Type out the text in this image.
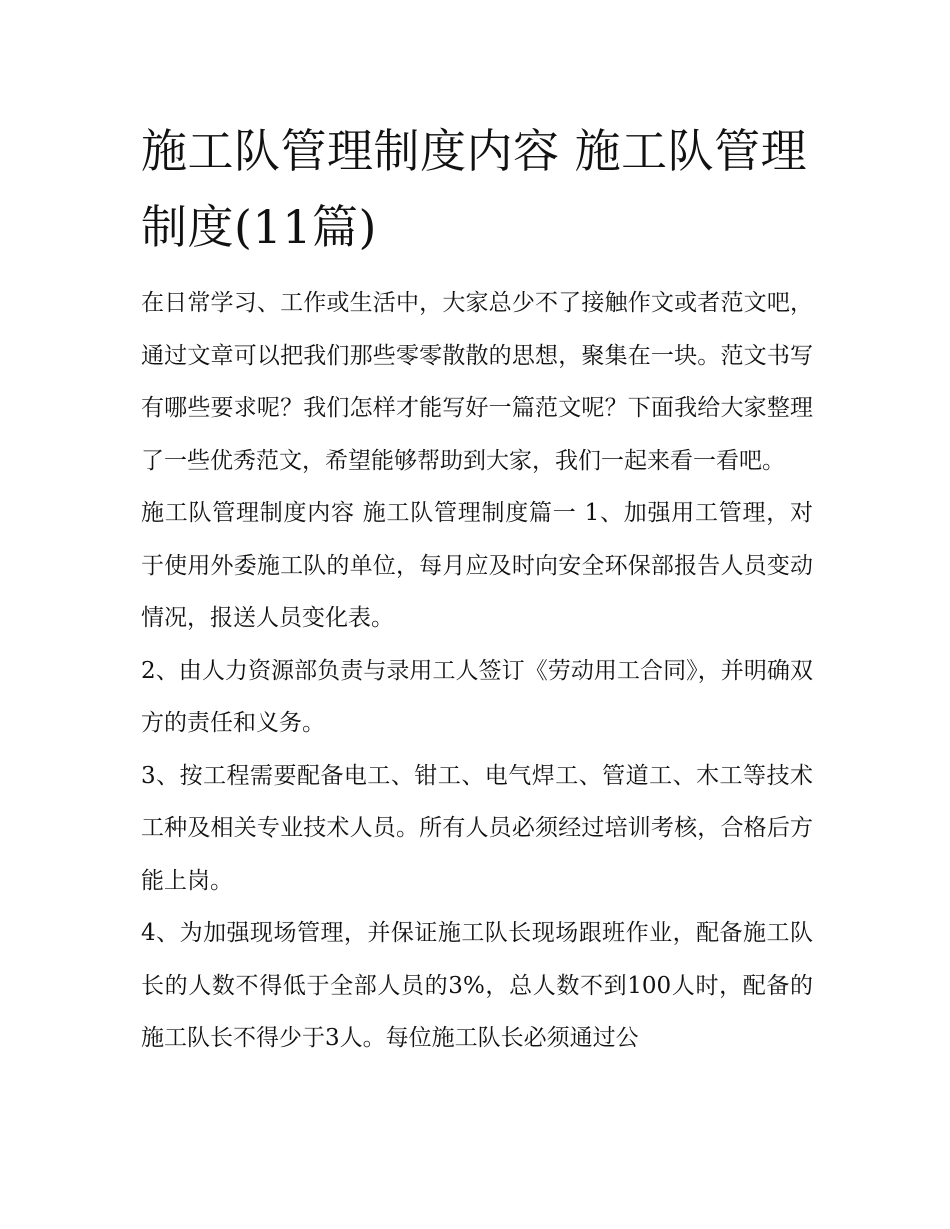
施工队管理制度内容 施工队管理制度(11篇)

在日常学习、工作或生活中，大家总少不了接触作文或者范文吧，通过文章可以把我们那些零零散散的思想，聚集在一块。范文书写有哪些要求呢？我们怎样才能写好一篇范文呢？下面我给大家整理了一些优秀范文，希望能够帮助到大家，我们一起来看一看吧。

施工队管理制度内容 施工队管理制度篇一 1、加强用工管理，对于使用外委施工队的单位，每月应及时向安全环保部报告人员变动情况，报送人员变化表。

2、由人力资源部负责与录用工人签订《劳动用工合同》，并明确双方的责任和义务。

3、按工程需要配备电工、钳工、电气焊工、管道工、木工等技术工种及相关专业技术人员。所有人员必须经过培训考核，合格后方能上岗。

4、为加强现场管理，并保证施工队长现场跟班作业，配备施工队长的人数不得低于全部人员的3%，总人数不到100人时，配备的施工队长不得少于3人。每位施工队长必须通过公
